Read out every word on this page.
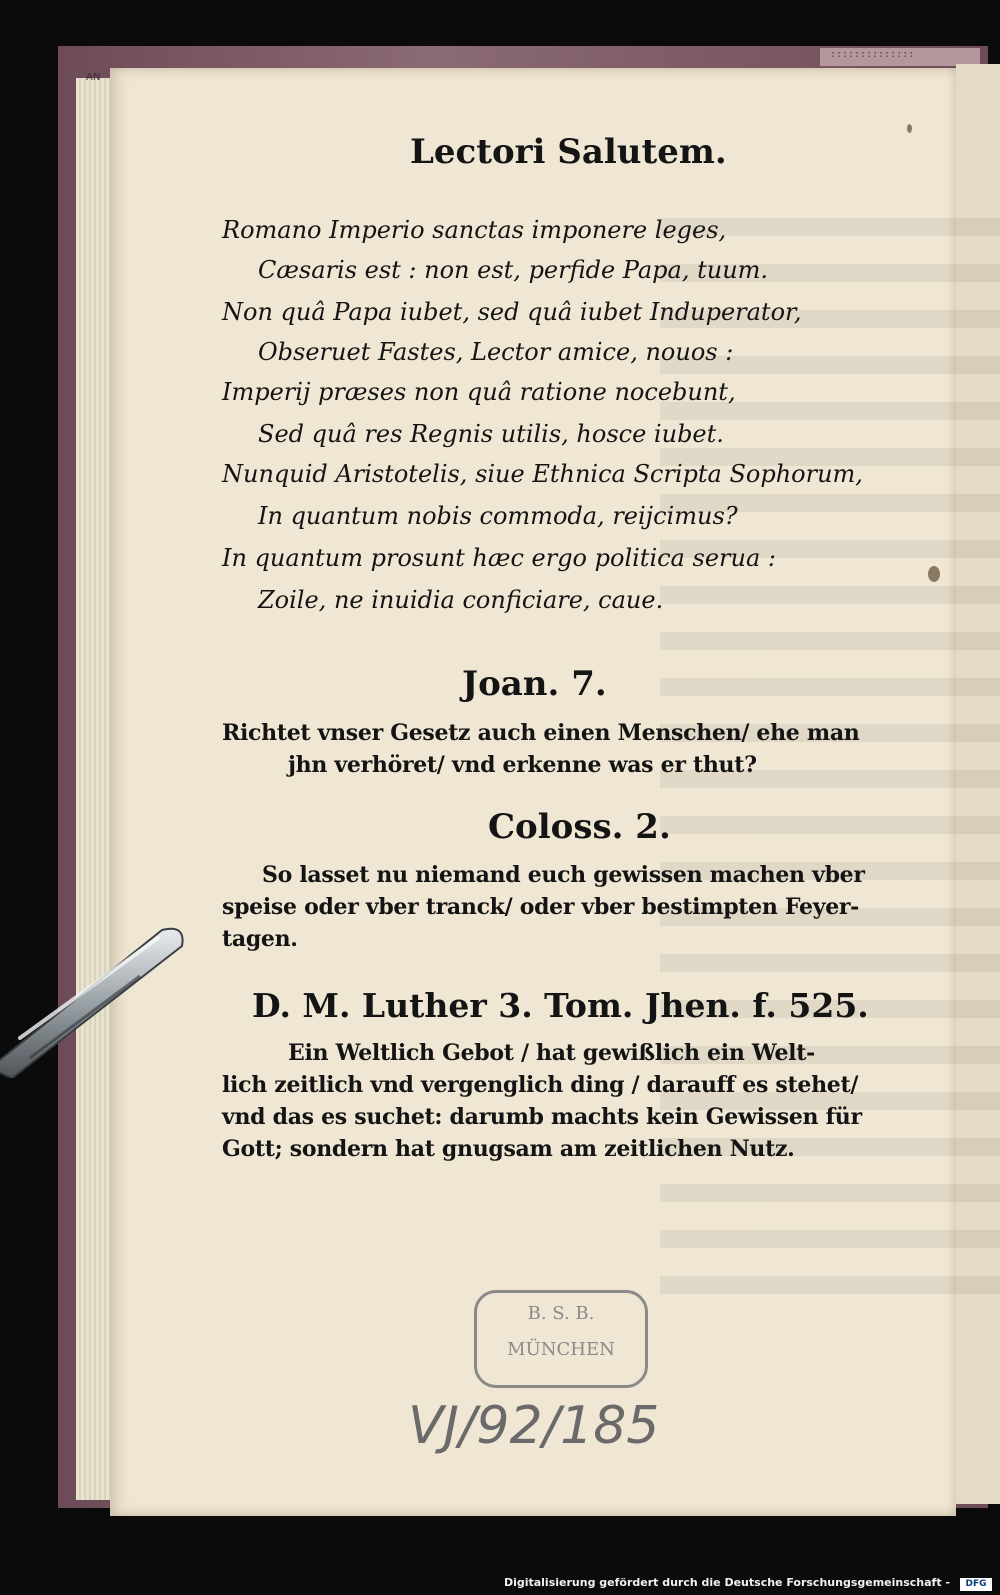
::::::::::::::
AN
Lectori Salutem.
Romano Imperio sanctas imponere leges,
Cæsaris est : non est, perfide Papa, tuum.
Non quâ Papa iubet, sed quâ iubet Induperator,
Obseruet Fastes, Lector amice, nouos :
Imperij præses non quâ ratione nocebunt,
Sed quâ res Regnis utilis, hosce iubet.
Nunquid Aristotelis, siue Ethnica Scripta Sophorum,
In quantum nobis commoda, reijcimus?
In quantum prosunt hæc ergo politica serua :
Zoile, ne inuidia conficiare, caue.
Joan. 7.
Richtet vnser Gesetz auch einen Menschen/ ehe man
jhn verhöret/ vnd erkenne was er thut?
Coloss. 2.
So lasset nu niemand euch gewissen machen vber
speise oder vber tranck/ oder vber bestimpten Feyer-
tagen.
D. M. Luther 3. Tom. Jhen. f. 525.
Ein Weltlich Gebot / hat gewißlich ein Welt-
lich zeitlich vnd vergenglich ding / darauff es stehet/
vnd das es suchet: darumb machts kein Gewissen für
Gott; sondern hat gnugsam am zeitlichen Nutz.
B. S. B.
MÜNCHEN
VJ/92/185
Digitalisierung gefördert durch die Deutsche Forschungsgemeinschaft -	DFG
